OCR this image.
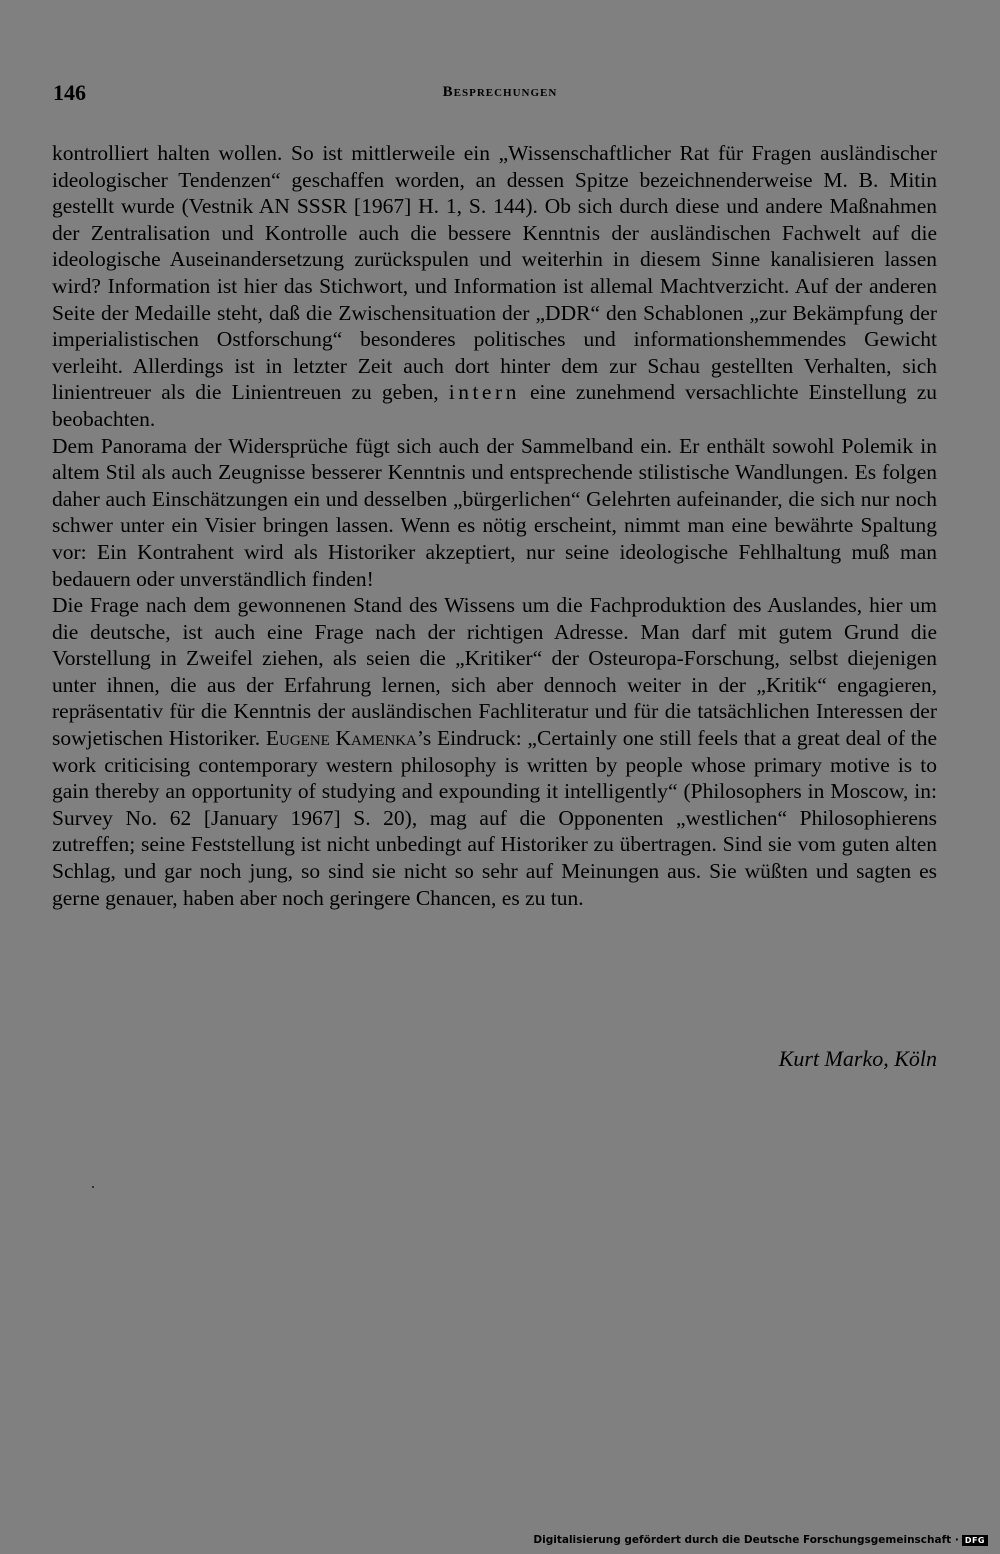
146	Besprechungen

kontrolliert halten wollen. So ist mittlerweile ein „Wissenschaftlicher Rat für Fragen ausländischer ideologischer Tendenzen“ geschaffen worden, an dessen Spitze bezeichnenderweise M. B. Mitin gestellt wurde (Vestnik AN SSSR [1967] H. 1, S. 144). Ob sich durch diese und andere Maßnahmen der Zentralisation und Kontrolle auch die bessere Kenntnis der ausländischen Fachwelt auf die ideologische Auseinandersetzung zurückspulen und weiterhin in diesem Sinne kanalisieren lassen wird? Information ist hier das Stichwort, und Information ist allemal Machtverzicht. Auf der anderen Seite der Medaille steht, daß die Zwischensituation der „DDR“ den Schablonen „zur Bekämpfung der imperialistischen Ostforschung“ besonderes politisches und informationshemmendes Gewicht verleiht. Allerdings ist in letzter Zeit auch dort hinter dem zur Schau gestellten Verhalten, sich linientreuer als die Linientreuen zu geben, intern eine zunehmend versachlichte Einstellung zu beobachten.

Dem Panorama der Widersprüche fügt sich auch der Sammelband ein. Er enthält sowohl Polemik in altem Stil als auch Zeugnisse besserer Kenntnis und entsprechende stilistische Wandlungen. Es folgen daher auch Einschätzungen ein und desselben „bürgerlichen“ Gelehrten aufeinander, die sich nur noch schwer unter ein Visier bringen lassen. Wenn es nötig erscheint, nimmt man eine bewährte Spaltung vor: Ein Kontrahent wird als Historiker akzeptiert, nur seine ideologische Fehlhaltung muß man bedauern oder unverständlich finden!

Die Frage nach dem gewonnenen Stand des Wissens um die Fachproduktion des Auslandes, hier um die deutsche, ist auch eine Frage nach der richtigen Adresse. Man darf mit gutem Grund die Vorstellung in Zweifel ziehen, als seien die „Kritiker“ der Osteuropa-Forschung, selbst diejenigen unter ihnen, die aus der Erfahrung lernen, sich aber dennoch weiter in der „Kritik“ engagieren, repräsentativ für die Kenntnis der ausländischen Fachliteratur und für die tatsächlichen Interessen der sowjetischen Historiker. Eugene Kamenka’s Eindruck: „Certainly one still feels that a great deal of the work criticising contemporary western philosophy is written by people whose primary motive is to gain thereby an opportunity of studying and expounding it intelligently“ (Philosophers in Moscow, in: Survey No. 62 [January 1967] S. 20), mag auf die Opponenten „westlichen“ Philosophierens zutreffen; seine Feststellung ist nicht unbedingt auf Historiker zu übertragen. Sind sie vom guten alten Schlag, und gar noch jung, so sind sie nicht so sehr auf Meinungen aus. Sie wüßten und sagten es gerne genauer, haben aber noch geringere Chancen, es zu tun.

Kurt Marko, Köln
Digitalisierung gefördert durch die Deutsche Forschungsgemeinschaft · DFG
